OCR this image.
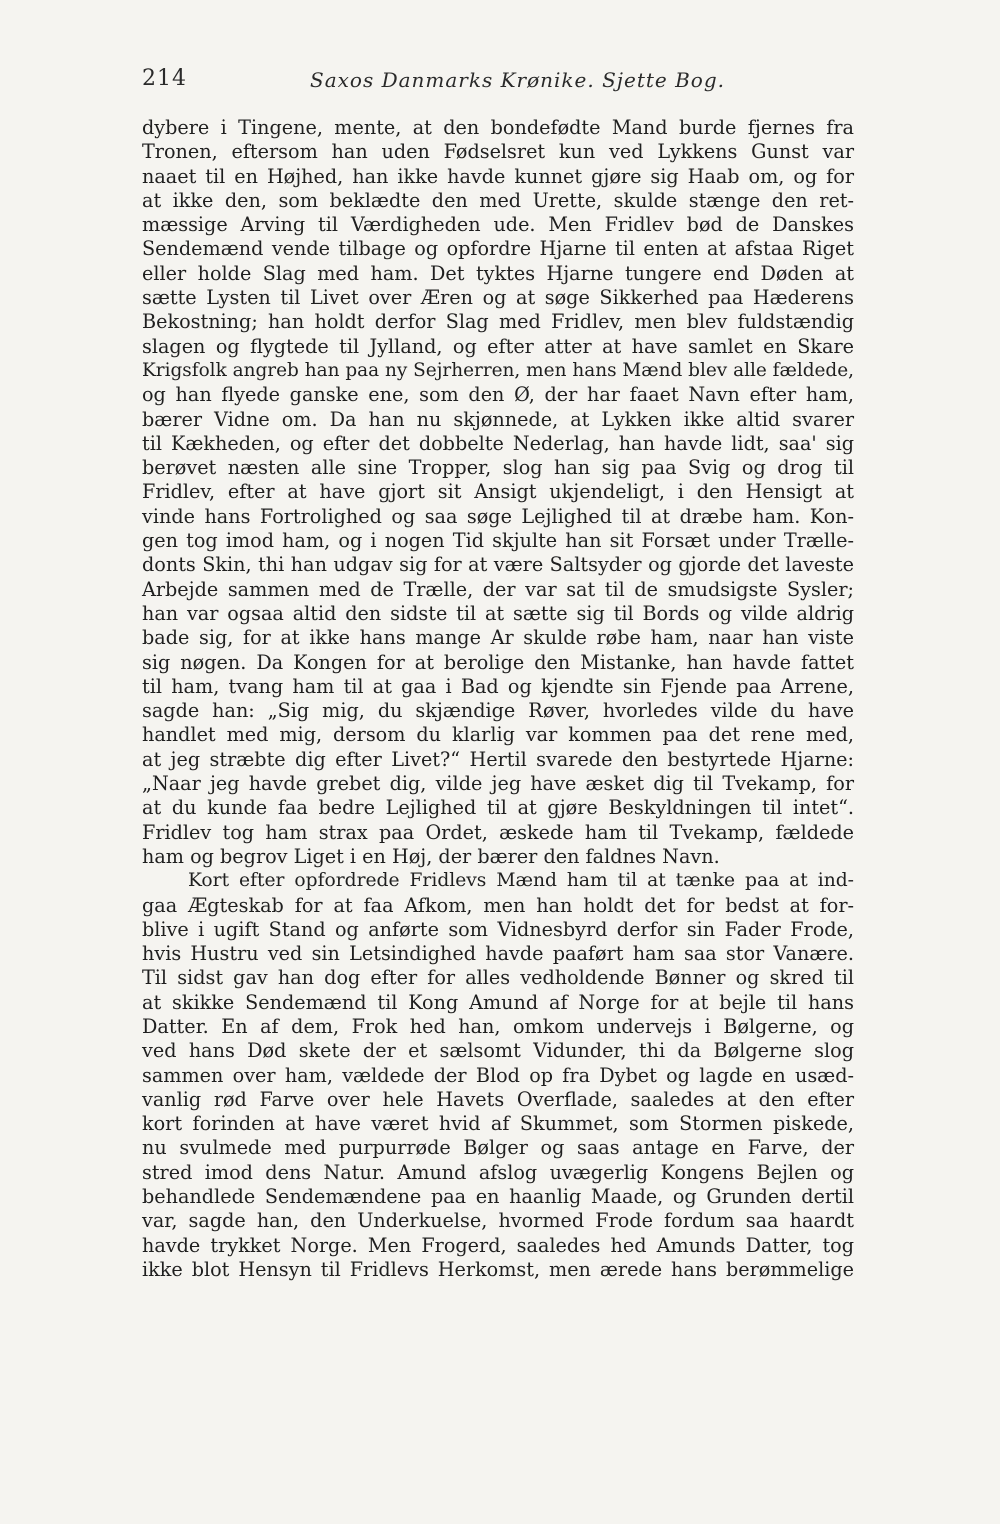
214	Saxos Danmarks Krønike. Sjette Bog.
dybere i Tingene, mente, at den bondefødte Mand burde fjernes fra
Tronen, eftersom han uden Fødselsret kun ved Lykkens Gunst var
naaet til en Højhed, han ikke havde kunnet gjøre sig Haab om, og for
at ikke den, som beklædte den med Urette, skulde stænge den ret-
mæssige Arving til Værdigheden ude. Men Fridlev bød de Danskes
Sendemænd vende tilbage og opfordre Hjarne til enten at afstaa Riget
eller holde Slag med ham. Det tyktes Hjarne tungere end Døden at
sætte Lysten til Livet over Æren og at søge Sikkerhed paa Hæderens
Bekostning; han holdt derfor Slag med Fridlev, men blev fuldstændig
slagen og flygtede til Jylland, og efter atter at have samlet en Skare
Krigsfolk angreb han paa ny Sejrherren, men hans Mænd blev alle fældede,
og han flyede ganske ene, som den Ø, der har faaet Navn efter ham,
bærer Vidne om. Da han nu skjønnede, at Lykken ikke altid svarer
til Kækheden, og efter det dobbelte Nederlag, han havde lidt, saa' sig
berøvet næsten alle sine Tropper, slog han sig paa Svig og drog til
Fridlev, efter at have gjort sit Ansigt ukjendeligt, i den Hensigt at
vinde hans Fortrolighed og saa søge Lejlighed til at dræbe ham. Kon-
gen tog imod ham, og i nogen Tid skjulte han sit Forsæt under Trælle-
donts Skin, thi han udgav sig for at være Saltsyder og gjorde det laveste
Arbejde sammen med de Trælle, der var sat til de smudsigste Sysler;
han var ogsaa altid den sidste til at sætte sig til Bords og vilde aldrig
bade sig, for at ikke hans mange Ar skulde røbe ham, naar han viste
sig nøgen. Da Kongen for at berolige den Mistanke, han havde fattet
til ham, tvang ham til at gaa i Bad og kjendte sin Fjende paa Arrene,
sagde han: „Sig mig, du skjændige Røver, hvorledes vilde du have
handlet med mig, dersom du klarlig var kommen paa det rene med,
at jeg stræbte dig efter Livet?“ Hertil svarede den bestyrtede Hjarne:
„Naar jeg havde grebet dig, vilde jeg have æsket dig til Tvekamp, for
at du kunde faa bedre Lejlighed til at gjøre Beskyldningen til intet“.
Fridlev tog ham strax paa Ordet, æskede ham til Tvekamp, fældede
ham og begrov Liget i en Høj, der bærer den faldnes Navn.
Kort efter opfordrede Fridlevs Mænd ham til at tænke paa at ind-
gaa Ægteskab for at faa Afkom, men han holdt det for bedst at for-
blive i ugift Stand og anførte som Vidnesbyrd derfor sin Fader Frode,
hvis Hustru ved sin Letsindighed havde paaført ham saa stor Vanære.
Til sidst gav han dog efter for alles vedholdende Bønner og skred til
at skikke Sendemænd til Kong Amund af Norge for at bejle til hans
Datter. En af dem, Frok hed han, omkom undervejs i Bølgerne, og
ved hans Død skete der et sælsomt Vidunder, thi da Bølgerne slog
sammen over ham, vældede der Blod op fra Dybet og lagde en usæd-
vanlig rød Farve over hele Havets Overflade, saaledes at den efter
kort forinden at have været hvid af Skummet, som Stormen piskede,
nu svulmede med purpurrøde Bølger og saas antage en Farve, der
stred imod dens Natur. Amund afslog uvægerlig Kongens Bejlen og
behandlede Sendemændene paa en haanlig Maade, og Grunden dertil
var, sagde han, den Underkuelse, hvormed Frode fordum saa haardt
havde trykket Norge. Men Frogerd, saaledes hed Amunds Datter, tog
ikke blot Hensyn til Fridlevs Herkomst, men ærede hans berømmelige
